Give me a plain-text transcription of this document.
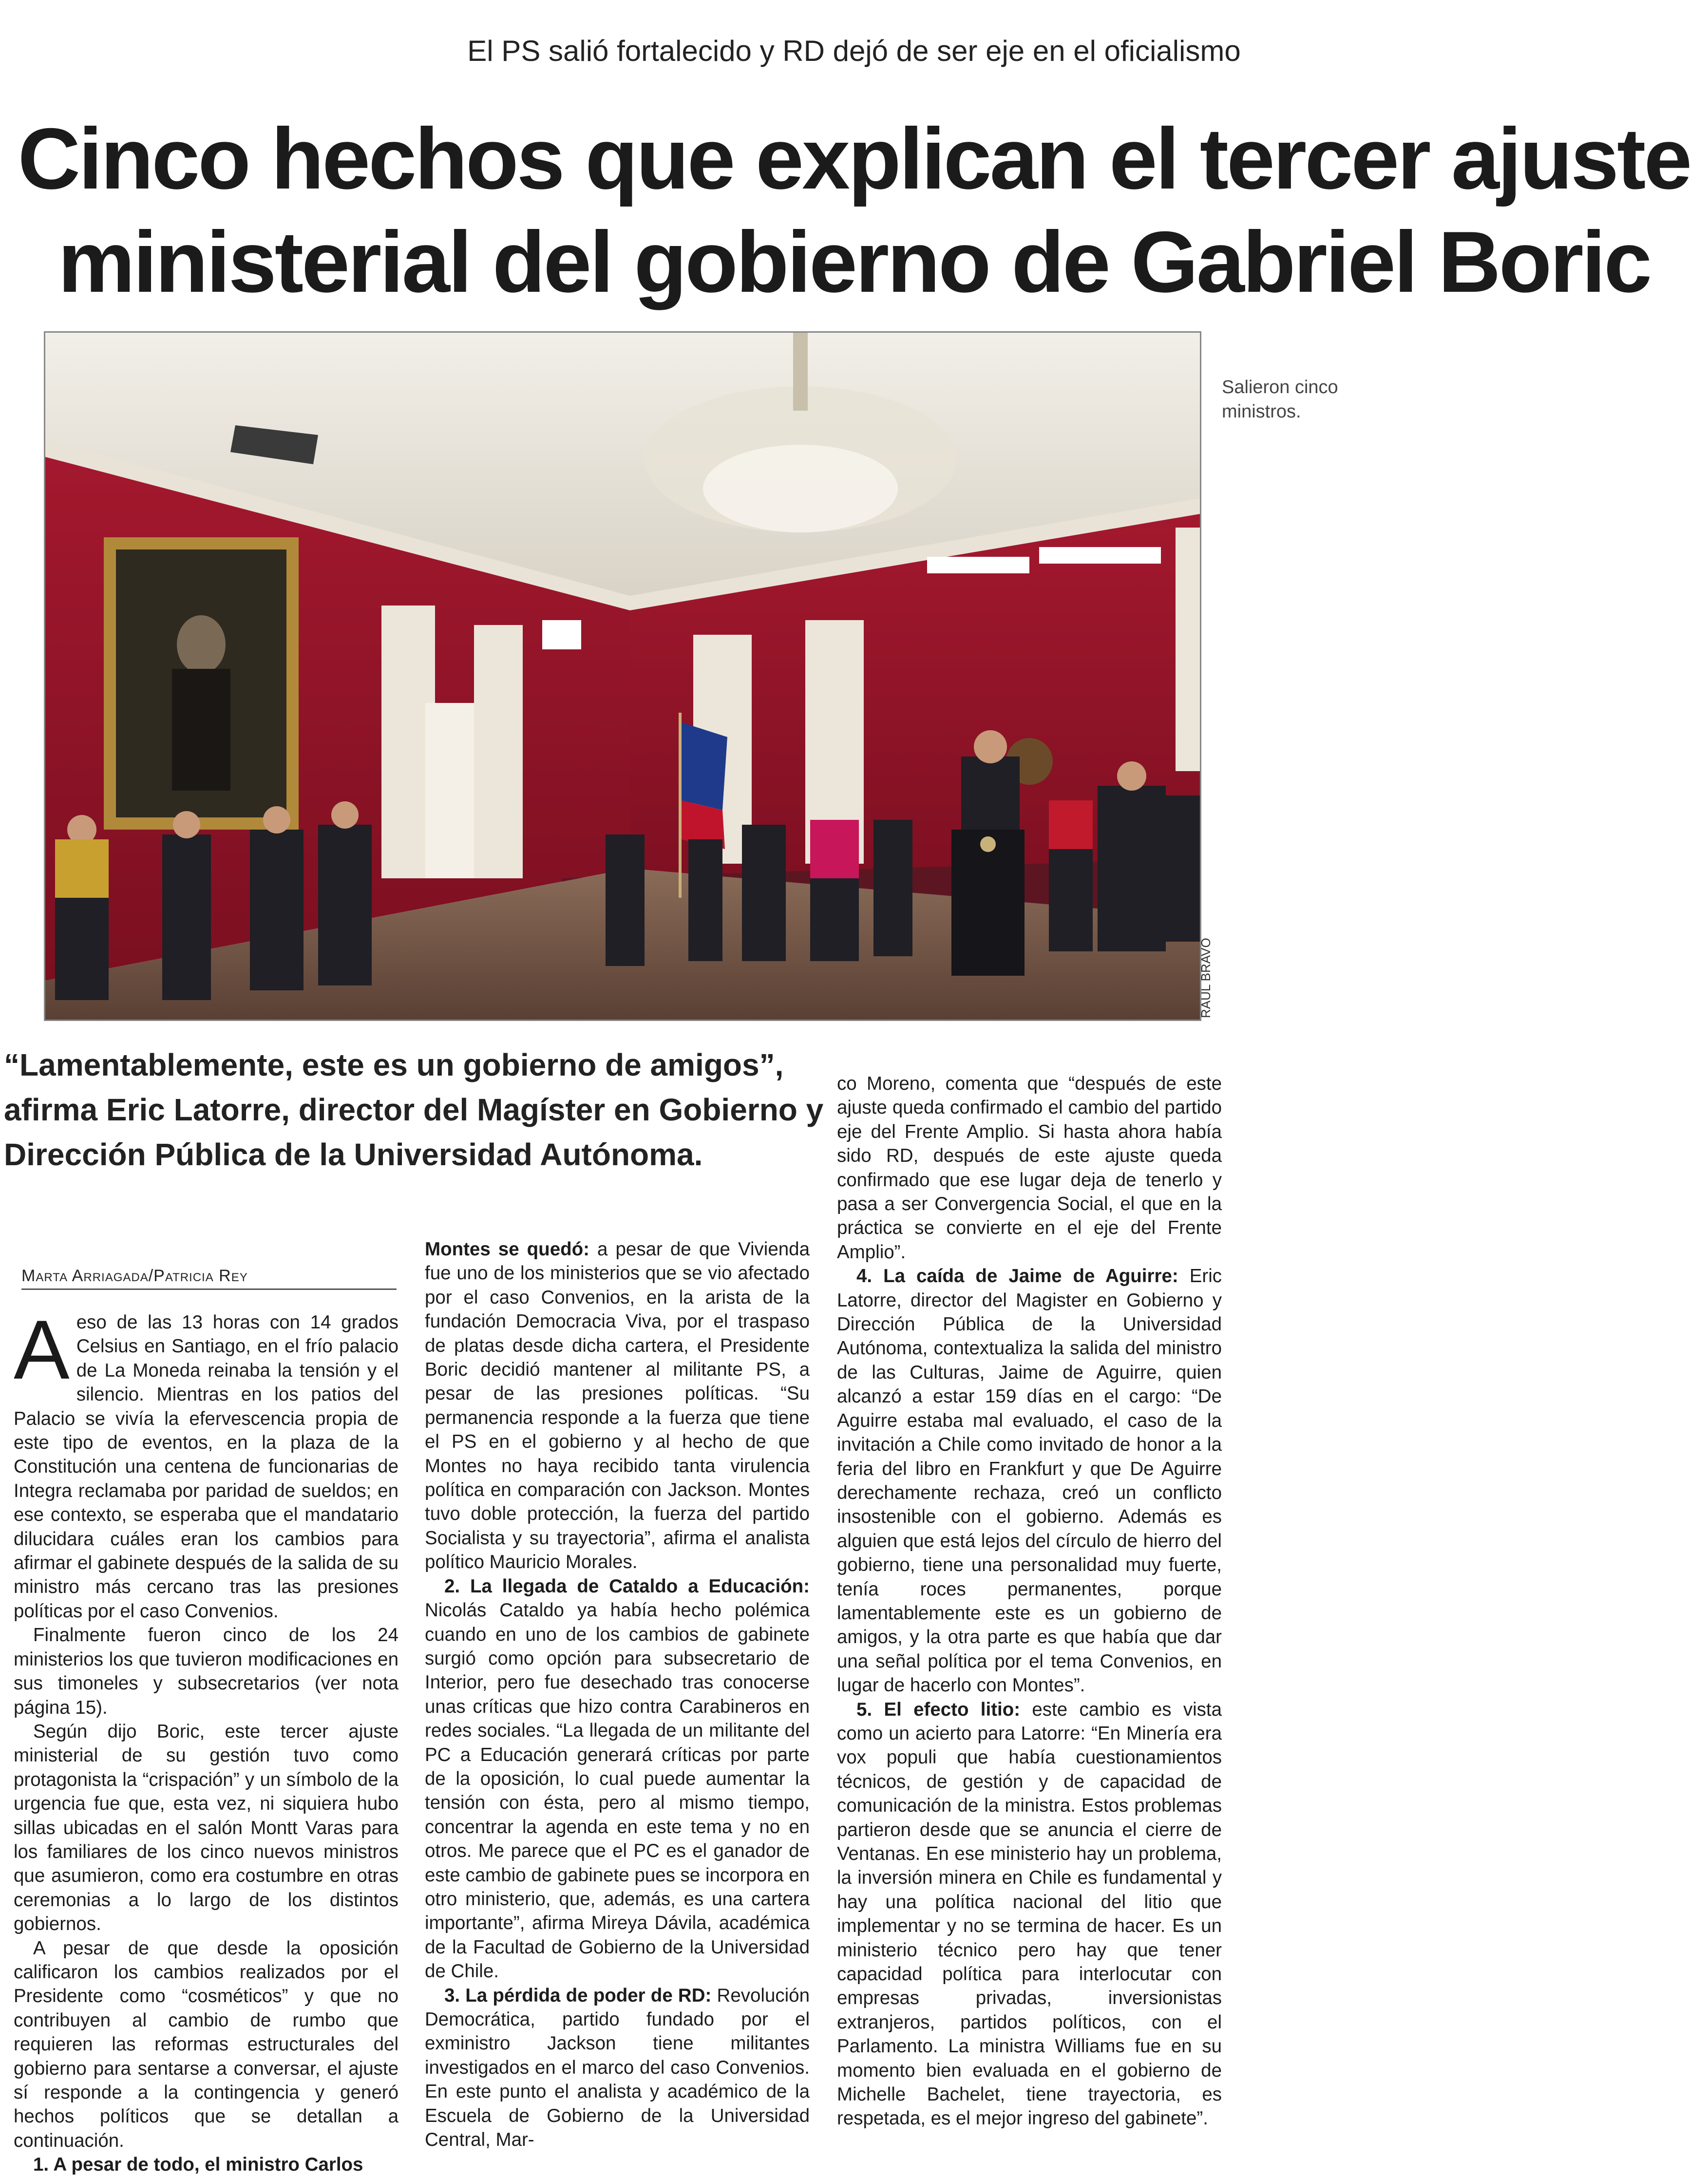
El PS salió fortalecido y RD dejó de ser eje en el oficialismo
Cinco hechos que explican el tercer ajuste
ministerial del gobierno de Gabriel Boric
RAUL BRAVO
Salieron cinco ministros.
“Lamentablemente, este es un gobierno de amigos”, afirma Eric Latorre, director del Magíster en Gobierno y Dirección Pública de la Universidad Autónoma.
Marta Arriagada/Patricia Rey

Aeso de las 13 horas con 14 grados Celsius en Santiago, en el frío palacio de La Moneda reinaba la tensión y el silencio. Mientras en los patios del Palacio se vivía la efervescencia propia de este tipo de eventos, en la plaza de la Constitución una centena de funcionarias de Integra reclamaba por paridad de sueldos; en ese contexto, se esperaba que el mandatario dilucidara cuáles eran los cambios para afirmar el gabinete después de la salida de su ministro más cercano tras las presiones políticas por el caso Convenios.

Finalmente fueron cinco de los 24 ministerios los que tuvieron modificaciones en sus timoneles y subsecretarios (ver nota página 15).

Según dijo Boric, este tercer ajuste ministerial de su gestión tuvo como protagonista la “crispación” y un símbolo de la urgencia fue que, esta vez, ni siquiera hubo sillas ubicadas en el salón Montt Varas para los familiares de los cinco nuevos ministros que asumieron, como era costumbre en otras ceremonias a lo largo de los distintos gobiernos.

A pesar de que desde la oposición calificaron los cambios realizados por el Presidente como “cosméticos” y que no contribuyen al cambio de rumbo que requieren las reformas estructurales del gobierno para sentarse a conversar, el ajuste sí responde a la contingencia y generó hechos políticos que se detallan a continuación.

1. A pesar de todo, el ministro Carlos

Montes se quedó: a pesar de que Vivienda fue uno de los ministerios que se vio afectado por el caso Convenios, en la arista de la fundación Democracia Viva, por el traspaso de platas desde dicha cartera, el Presidente Boric decidió mantener al militante PS, a pesar de las presiones políticas. “Su permanencia responde a la fuerza que tiene el PS en el gobierno y al hecho de que Montes no haya recibido tanta virulencia política en comparación con Jackson. Montes tuvo doble protección, la fuerza del partido Socialista y su trayectoria”, afirma el analista político Mauricio Morales.

2. La llegada de Cataldo a Educación: Nicolás Cataldo ya había hecho polémica cuando en uno de los cambios de gabinete surgió como opción para subsecretario de Interior, pero fue desechado tras conocerse unas críticas que hizo contra Carabineros en redes sociales. “La llegada de un militante del PC a Educación generará críticas por parte de la oposición, lo cual puede aumentar la tensión con ésta, pero al mismo tiempo, concentrar la agenda en este tema y no en otros. Me parece que el PC es el ganador de este cambio de gabinete pues se incorpora en otro ministerio, que, además, es una cartera importante”, afirma Mireya Dávila, académica de la Facultad de Gobierno de la Universidad de Chile.

3. La pérdida de poder de RD: Revolución Democrática, partido fundado por el exministro Jackson tiene militantes investigados en el marco del caso Convenios. En este punto el analista y académico de la Escuela de Gobierno de la Universidad Central, Mar-

co Moreno, comenta que “después de este ajuste queda confirmado el cambio del partido eje del Frente Amplio. Si hasta ahora había sido RD, después de este ajuste queda confirmado que ese lugar deja de tenerlo y pasa a ser Convergencia Social, el que en la práctica se convierte en el eje del Frente Amplio”.

4. La caída de Jaime de Aguirre: Eric Latorre, director del Magister en Gobierno y Dirección Pública de la Universidad Autónoma, contextualiza la salida del ministro de las Culturas, Jaime de Aguirre, quien alcanzó a estar 159 días en el cargo: “De Aguirre estaba mal evaluado, el caso de la invitación a Chile como invitado de honor a la feria del libro en Frankfurt y que De Aguirre derechamente rechaza, creó un conflicto insostenible con el gobierno. Además es alguien que está lejos del círculo de hierro del gobierno, tiene una personalidad muy fuerte, tenía roces permanentes, porque lamentablemente este es un gobierno de amigos, y la otra parte es que había que dar una señal política por el tema Convenios, en lugar de hacerlo con Montes”.

5. El efecto litio: este cambio es vista como un acierto para Latorre: “En Minería era vox populi que había cuestionamientos técnicos, de gestión y de capacidad de comunicación de la ministra. Estos problemas partieron desde que se anuncia el cierre de Ventanas. En ese ministerio hay un problema, la inversión minera en Chile es fundamental y hay una política nacional del litio que implementar y no se termina de hacer. Es un ministerio técnico pero hay que tener capacidad política para interlocutar con empresas privadas, inversionistas extranjeros, partidos políticos, con el Parlamento. La ministra Williams fue en su momento bien evaluada en el gobierno de Michelle Bachelet, tiene trayectoria, es respetada, es el mejor ingreso del gabinete”.
